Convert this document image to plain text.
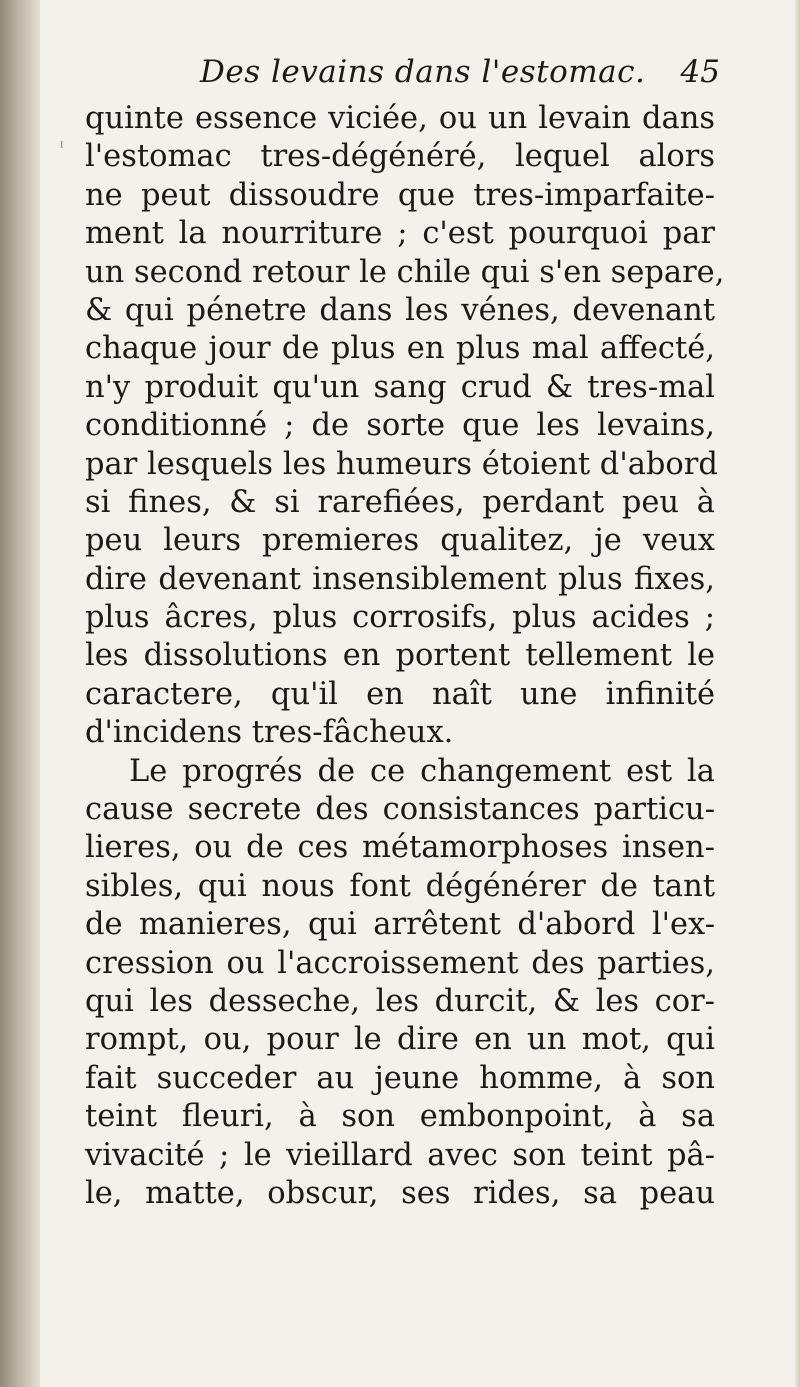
Des levains dans l'estomac. 45
ᴵ
quinte essence viciée, ou un levain dans
l'estomac tres-dégénéré, lequel alors
ne peut dissoudre que tres-imparfaite-
ment la nourriture ; c'est pourquoi par
un second retour le chile qui s'en separe,
& qui pénetre dans les vénes, devenant
chaque jour de plus en plus mal affecté,
n'y produit qu'un sang crud & tres-mal
conditionné ; de sorte que les levains,
par lesquels les humeurs étoient d'abord
si fines, & si rarefiées, perdant peu à
peu leurs premieres qualitez, je veux
dire devenant insensiblement plus fixes,
plus âcres, plus corrosifs, plus acides ;
les dissolutions en portent tellement le
caractere, qu'il en naît une infinité
d'incidens tres-fâcheux.
Le progrés de ce changement est la
cause secrete des consistances particu-
lieres, ou de ces métamorphoses insen-
sibles, qui nous font dégénérer de tant
de manieres, qui arrêtent d'abord l'ex-
cression ou l'accroissement des parties,
qui les desseche, les durcit, & les cor-
rompt, ou, pour le dire en un mot, qui
fait succeder au jeune homme, à son
teint fleuri, à son embonpoint, à sa
vivacité ; le vieillard avec son teint pâ-
le, matte, obscur, ses rides, sa peau
